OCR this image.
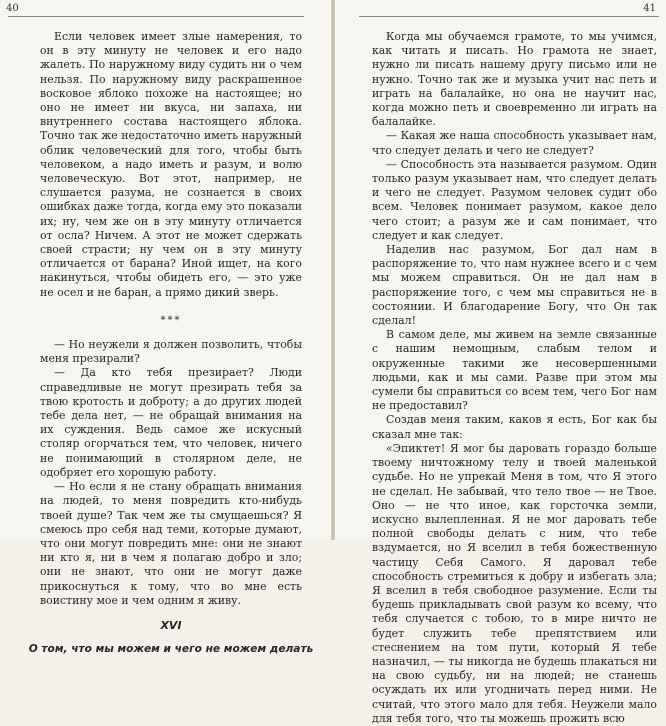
40

Если человек имеет злые намерения, то он в эту минуту не человек и его надо жалеть. По наружному виду судить ни о чем нельзя. По наружному виду раскрашенное восковое яблоко похоже на настоящее; но оно не имеет ни вкуса, ни запаха, ни внутреннего состава настоящего яблока. Точно так же недостаточно иметь наружный облик человеческий для того, чтобы быть человеком, а надо иметь и разум, и волю человеческую. Вот этот, например, не слушается разума, не сознается в своих ошибках даже тогда, когда ему это показали их; ну, чем же он в эту минуту отличается от осла? Ничем. А этот не может сдержать своей страсти; ну чем он в эту минуту отличается от барана? Иной ищет, на кого накинуться, чтобы обидеть его, — это уже не осел и не баран, а прямо дикий зверь.

***

— Но неужели я должен позволить, чтобы меня презирали?

— Да кто тебя презирает? Люди справедливые не могут презирать тебя за твою кротость и доброту; а до других людей тебе дела нет, — не обращай внимания на их суждения. Ведь самое же искусный столяр огорчаться тем, что человек, ничего не понимающий в столярном деле, не одобряет его хорошую работу.

— Но если я не стану обращать внимания на людей, то меня повредить кто-нибудь твоей душе? Так чем же ты смущаешься? Я смеюсь про себя над теми, которые думают, что они могут повредить мне: они не знают ни кто я, ни в чем я полагаю добро и зло; они не знают, что они не могут даже прикоснуться к тому, что во мне есть воистину мое и чем одним я живу.

XVI
О том, что мы можем и чего не можем делать
41

Когда мы обучаемся грамоте, то мы учимся, как читать и писать. Но грамота не знает, нужно ли писать нашему другу письмо или не нужно. Точно так же и музыка учит нас петь и играть на балалайке, но она не научит нас, когда можно петь и своевременно ли играть на балалайке.

— Какая же наша способность указывает нам, что следует делать и чего не следует?

— Способность эта называется разумом. Один только разум указывает нам, что следует делать и чего не следует. Разумом человек судит обо всем. Человек понимает разумом, какое дело чего стоит; а разум же и сам понимает, что следует и как следует.

Наделив нас разумом, Бог дал нам в распоряжение то, что нам нужнее всего и с чем мы можем справиться. Он не дал нам в распоряжение того, с чем мы справиться не в состоянии. И благодарение Богу, что Он так сделал!

В самом деле, мы живем на земле связанные с нашим немощным, слабым телом и окруженные такими же несовершенными людьми, как и мы сами. Разве при этом мы сумели бы справиться со всем тем, чего Бог нам не предоставил?

Создав меня таким, каков я есть, Бог как бы сказал мне так:

«Эпиктет! Я мог бы даровать гораздо больше твоему ничтожному телу и твоей маленькой судьбе. Но не упрекай Меня в том, что Я этого не сделал. Не забывай, что тело твое — не Твое. Оно — не что иное, как горсточка земли, искусно вылепленная. Я не мог даровать тебе полной свободы делать с ним, что тебе вздумается, но Я вселил в тебя божественную частицу Себя Самого. Я даровал тебе способность стремиться к добру и избегать зла; Я вселил в тебя свободное разумение. Если ты будешь прикладывать свой разум ко всему, что тебя случается с тобою, то в мире ничто не будет служить тебе препятствием или стеснением на том пути, который Я тебе назначил, — ты никогда не будешь плакаться ни на свою судьбу, ни на людей; не станешь осуждать их или угодничать перед ними. Не считай, что этого мало для тебя. Неужели мало для тебя того, что ты можешь прожить всю
